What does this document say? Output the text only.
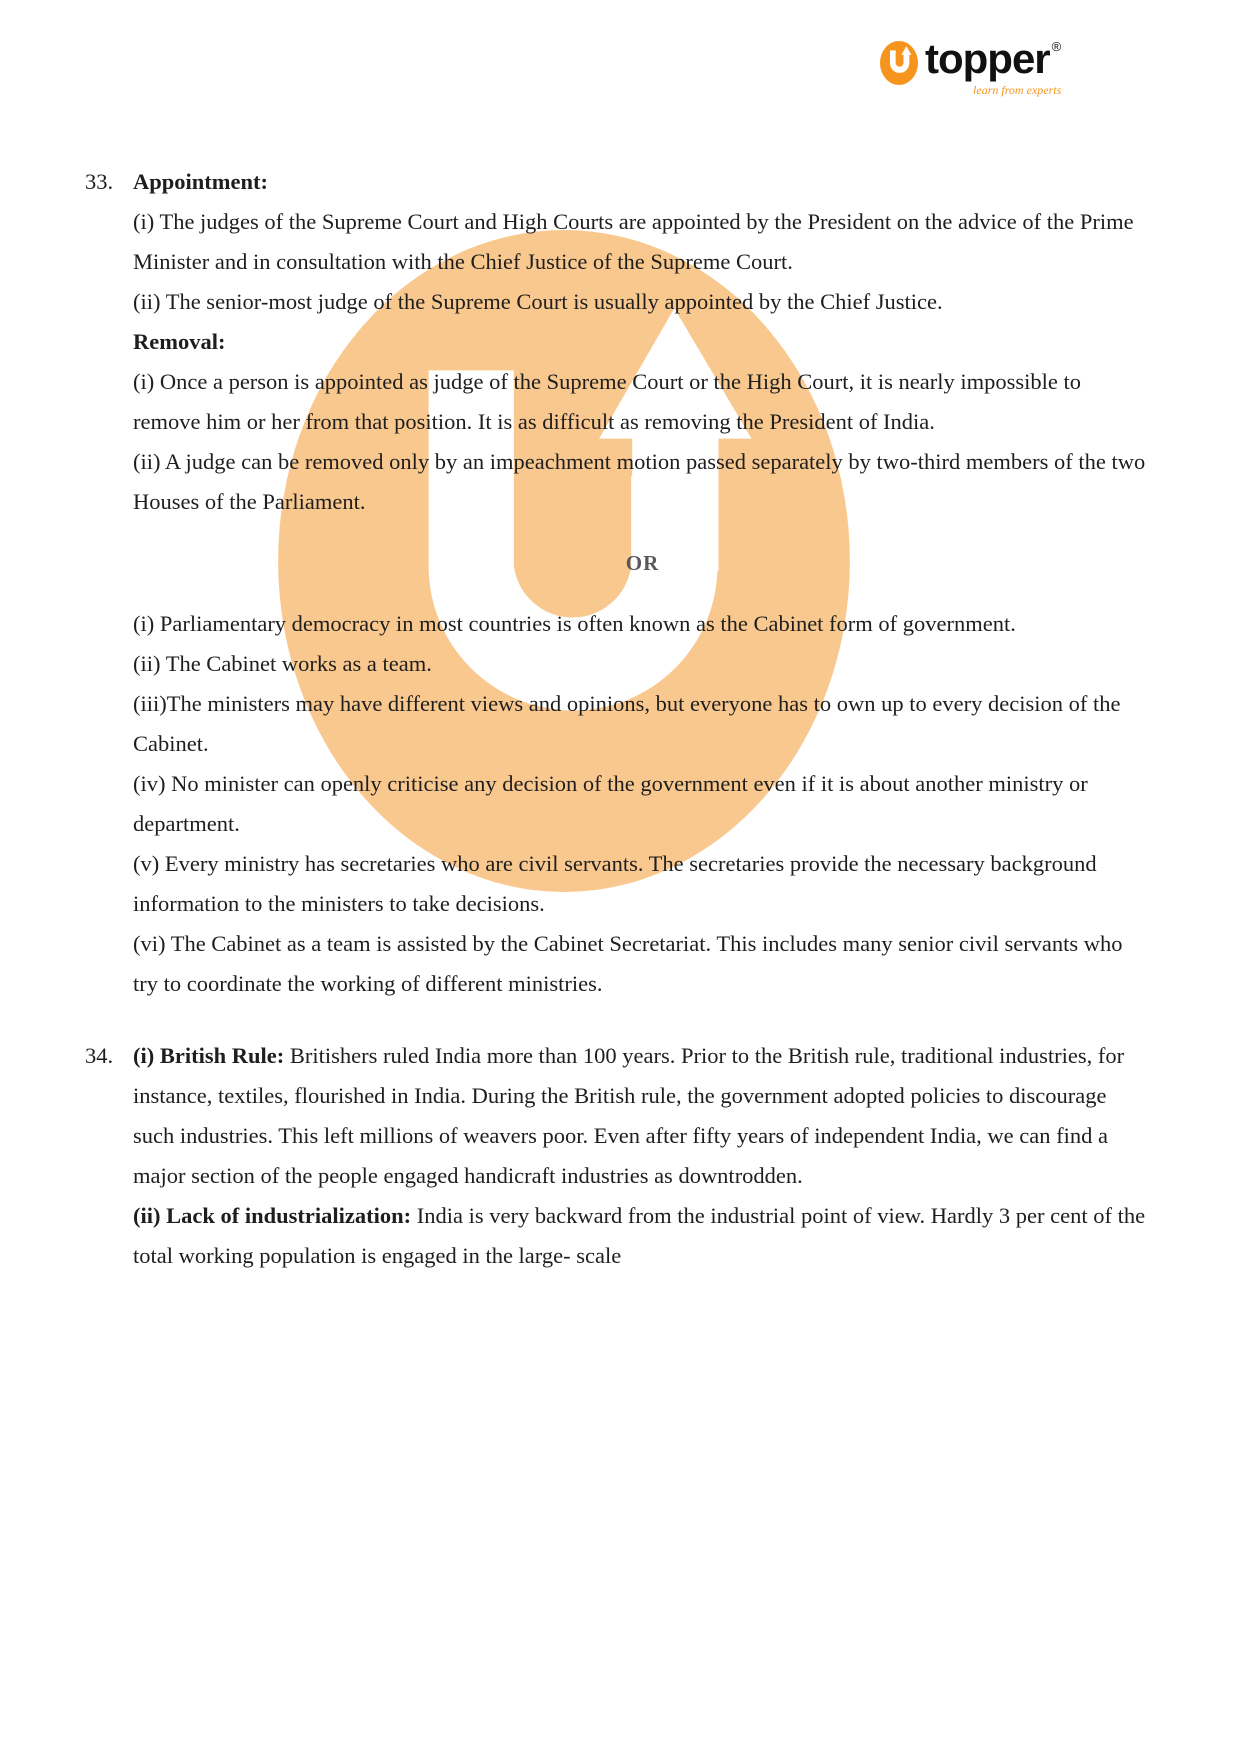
topper ®
learn from experts
33. Appointment:

(i) The judges of the Supreme Court and High Courts are appointed by the President on the advice of the Prime Minister and in consultation with the Chief Justice of the Supreme Court.

(ii) The senior-most judge of the Supreme Court is usually appointed by the Chief Justice.

Removal:

(i) Once a person is appointed as judge of the Supreme Court or the High Court, it is nearly impossible to remove him or her from that position. It is as difficult as removing the President of India.

(ii) A judge can be removed only by an impeachment motion passed separately by two-third members of the two Houses of the Parliament.

OR

(i) Parliamentary democracy in most countries is often known as the Cabinet form of government.

(ii) The Cabinet works as a team.

(iii)The ministers may have different views and opinions, but everyone has to own up to every decision of the Cabinet.

(iv) No minister can openly criticise any decision of the government even if it is about another ministry or department.

(v) Every ministry has secretaries who are civil servants. The secretaries provide the necessary background information to the ministers to take decisions.

(vi) The Cabinet as a team is assisted by the Cabinet Secretariat. This includes many senior civil servants who try to coordinate the working of different ministries.

34. (i) British Rule: Britishers ruled India more than 100 years. Prior to the British rule, traditional industries, for instance, textiles, flourished in India. During the British rule, the government adopted policies to discourage such industries. This left millions of weavers poor. Even after fifty years of independent India, we can find a major section of the people engaged handicraft industries as downtrodden.

(ii) Lack of industrialization: India is very backward from the industrial point of view. Hardly 3 per cent of the total working population is engaged in the large- scale
